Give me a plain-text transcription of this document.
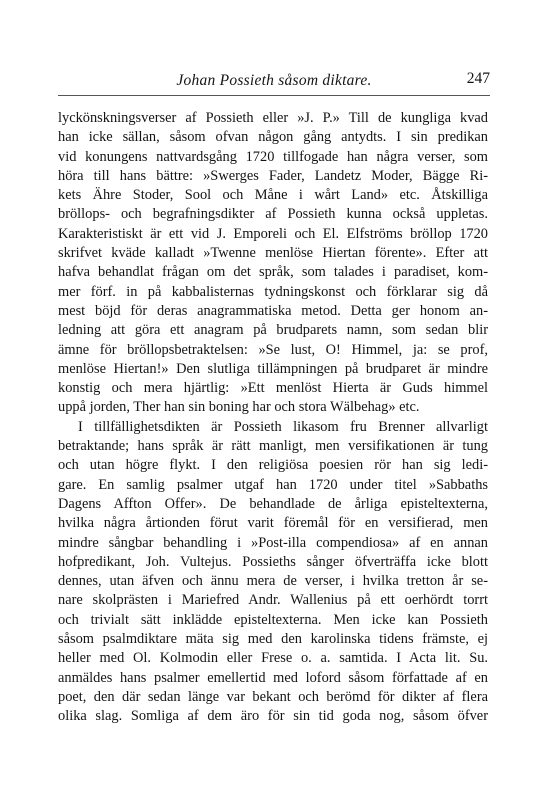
Johan Possieth såsom diktare.	247
lyckönskningsverser af Possieth eller »J. P.» Till de kungliga kvad
han icke sällan, såsom ofvan någon gång antydts. I sin predikan
vid konungens nattvardsgång 1720 tillfogade han några verser, som
höra till hans bättre: »Swerges Fader, Landetz Moder, Bägge Ri-
kets Ähre Stoder, Sool och Måne i wårt Land» etc. Åtskilliga
bröllops- och begrafningsdikter af Possieth kunna också uppletas.
Karakteristiskt är ett vid J. Emporeli och El. Elfströms bröllop 1720
skrifvet kväde kalladt »Twenne menlöse Hiertan förente». Efter att
hafva behandlat frågan om det språk, som talades i paradiset, kom-
mer förf. in på kabbalisternas tydningskonst och förklarar sig då
mest böjd för deras anagrammatiska metod. Detta ger honom an-
ledning att göra ett anagram på brudparets namn, som sedan blir
ämne för bröllopsbetraktelsen: »Se lust, O! Himmel, ja: se prof,
menlöse Hiertan!» Den slutliga tillämpningen på brudparet är mindre
konstig och mera hjärtlig: »Ett menlöst Hierta är Guds himmel
uppå jorden, Ther han sin boning har och stora Wälbehag» etc.
I tillfällighetsdikten är Possieth likasom fru Brenner allvarligt
betraktande; hans språk är rätt manligt, men versifikationen är tung
och utan högre flykt. I den religiösa poesien rör han sig ledi-
gare. En samlig psalmer utgaf han 1720 under titel »Sabbaths
Dagens Affton Offer». De behandlade de årliga episteltexterna,
hvilka några årtionden förut varit föremål för en versifierad, men
mindre sångbar behandling i »Post-illa compendiosa» af en annan
hofpredikant, Joh. Vultejus. Possieths sånger öfverträffa icke blott
dennes, utan äfven och ännu mera de verser, i hvilka tretton år se-
nare skolprästen i Mariefred Andr. Wallenius på ett oerhördt torrt
och trivialt sätt inklädde episteltexterna. Men icke kan Possieth
såsom psalmdiktare mäta sig med den karolinska tidens främste, ej
heller med Ol. Kolmodin eller Frese o. a. samtida. I Acta lit. Su.
anmäldes hans psalmer emellertid med loford såsom författade af en
poet, den där sedan länge var bekant och berömd för dikter af flera
olika slag. Somliga af dem äro för sin tid goda nog, såsom öfver
